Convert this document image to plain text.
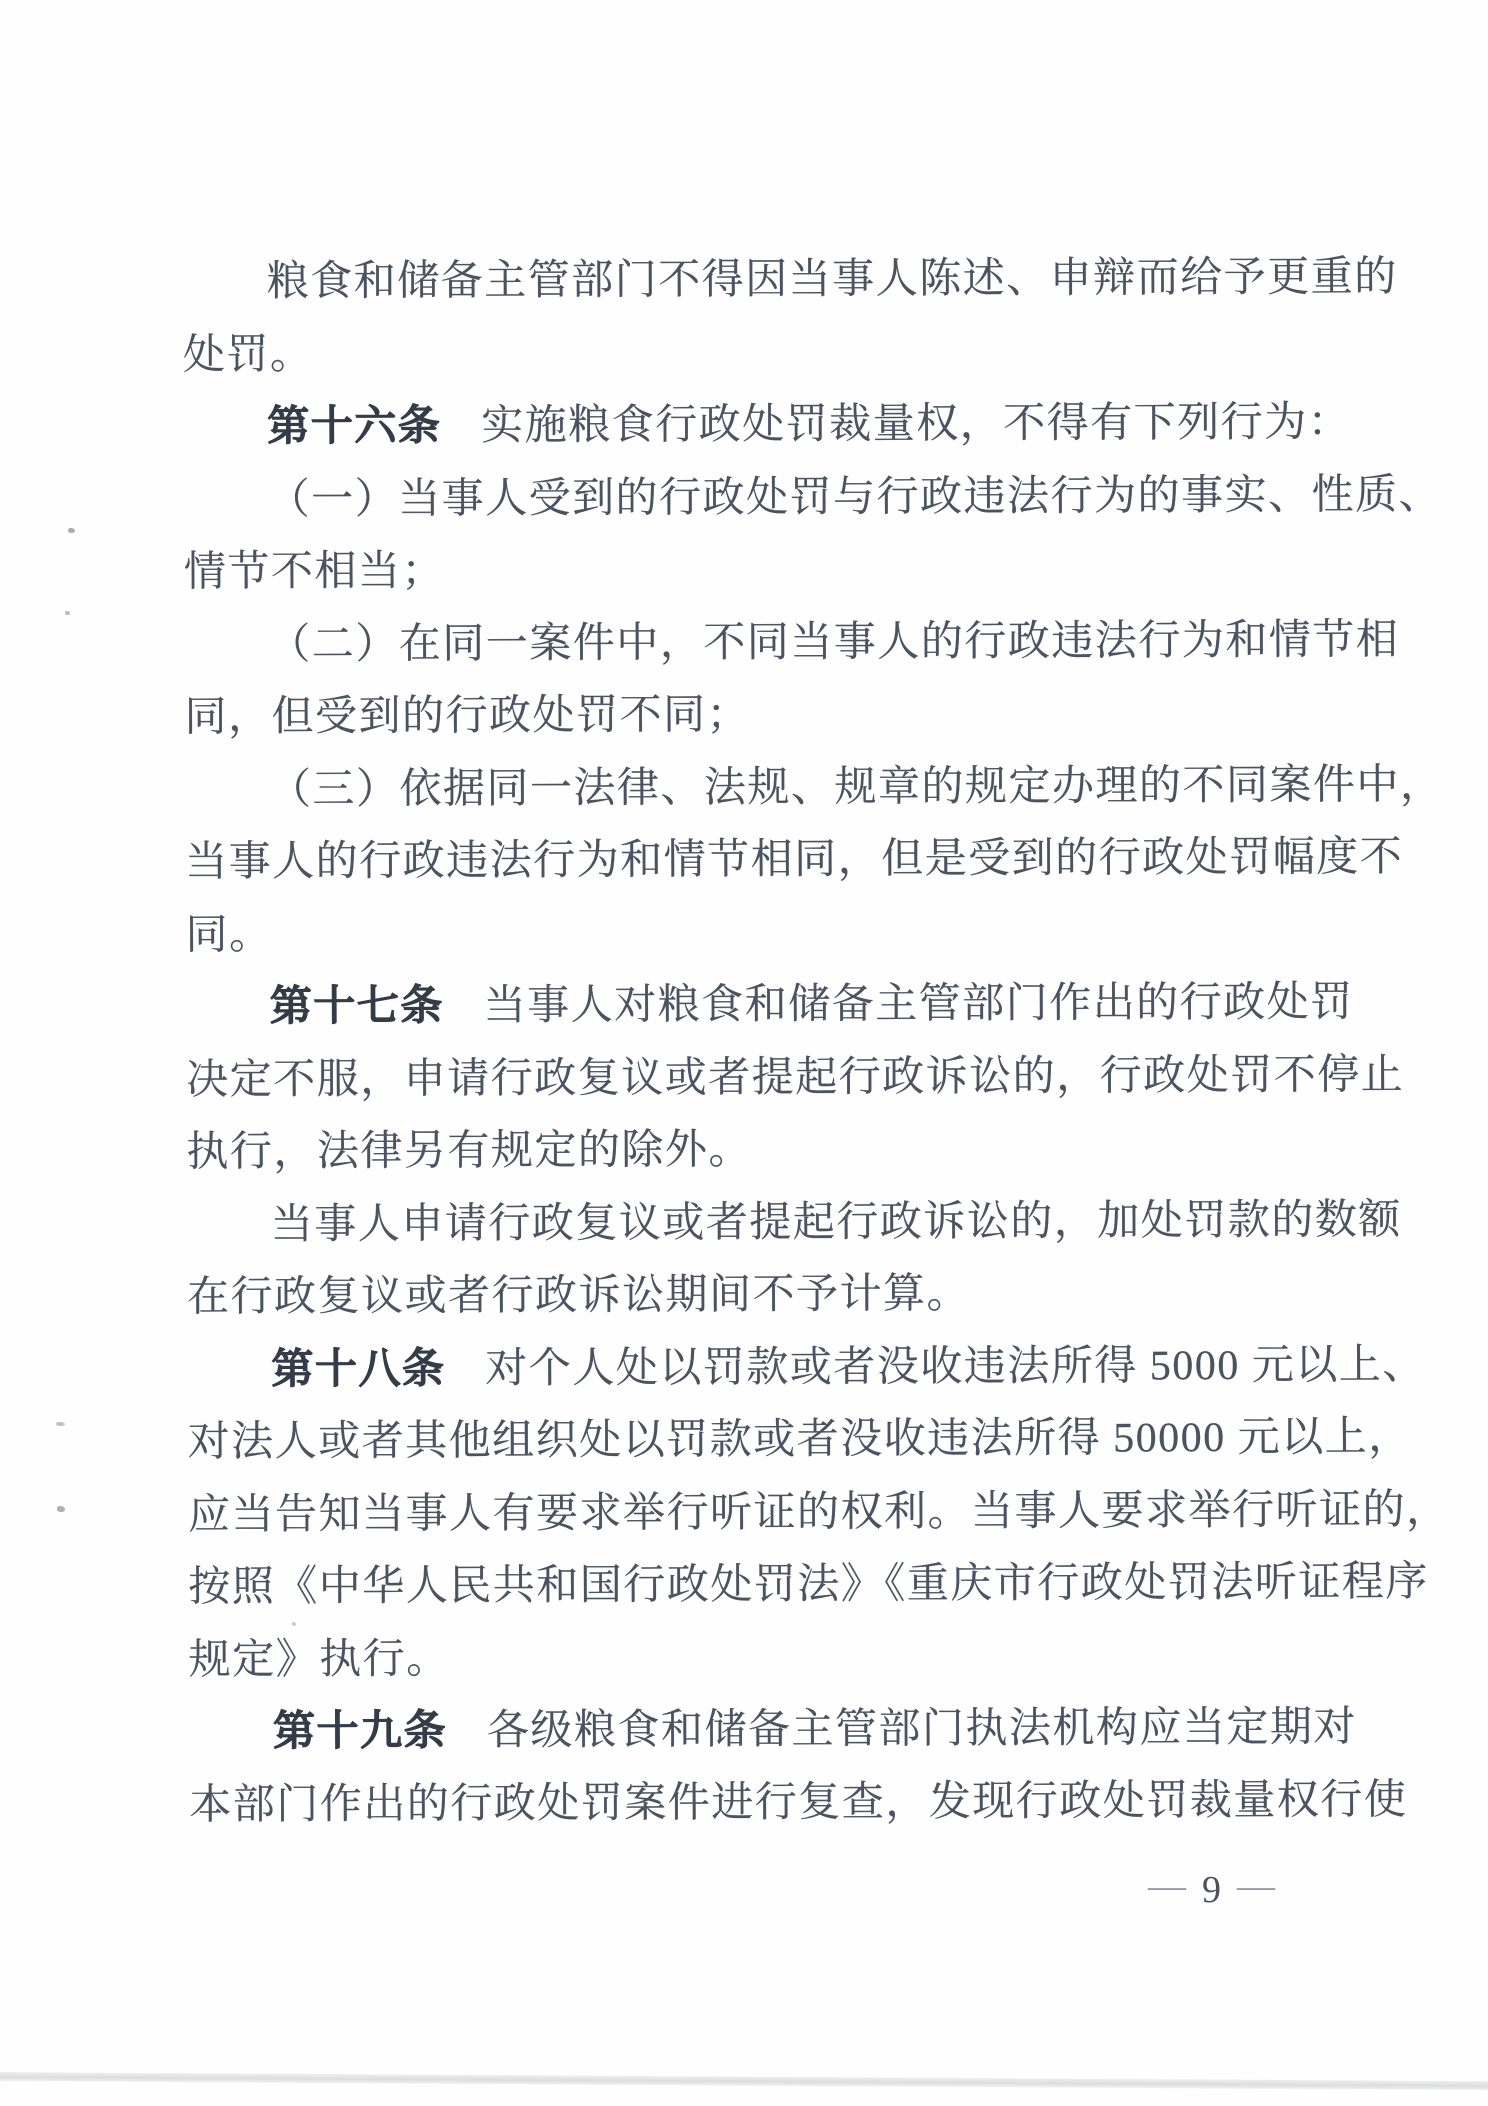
粮食和储备主管部门不得因当事人陈述、申辩而给予更重的
处罚。
第十六条 实施粮食行政处罚裁量权，不得有下列行为：
（一）当事人受到的行政处罚与行政违法行为的事实、性质、
情节不相当；
（二）在同一案件中，不同当事人的行政违法行为和情节相
同，但受到的行政处罚不同；
（三）依据同一法律、法规、规章的规定办理的不同案件中，
当事人的行政违法行为和情节相同，但是受到的行政处罚幅度不
同。
第十七条 当事人对粮食和储备主管部门作出的行政处罚
决定不服，申请行政复议或者提起行政诉讼的，行政处罚不停止
执行，法律另有规定的除外。
当事人申请行政复议或者提起行政诉讼的，加处罚款的数额
在行政复议或者行政诉讼期间不予计算。
第十八条 对个人处以罚款或者没收违法所得 5000 元以上、
对法人或者其他组织处以罚款或者没收违法所得 50000 元以上，
应当告知当事人有要求举行听证的权利。当事人要求举行听证的，
按照《中华人民共和国行政处罚法》《重庆市行政处罚法听证程序
规定》执行。
第十九条 各级粮食和储备主管部门执法机构应当定期对
本部门作出的行政处罚案件进行复查，发现行政处罚裁量权行使
— 9 —
